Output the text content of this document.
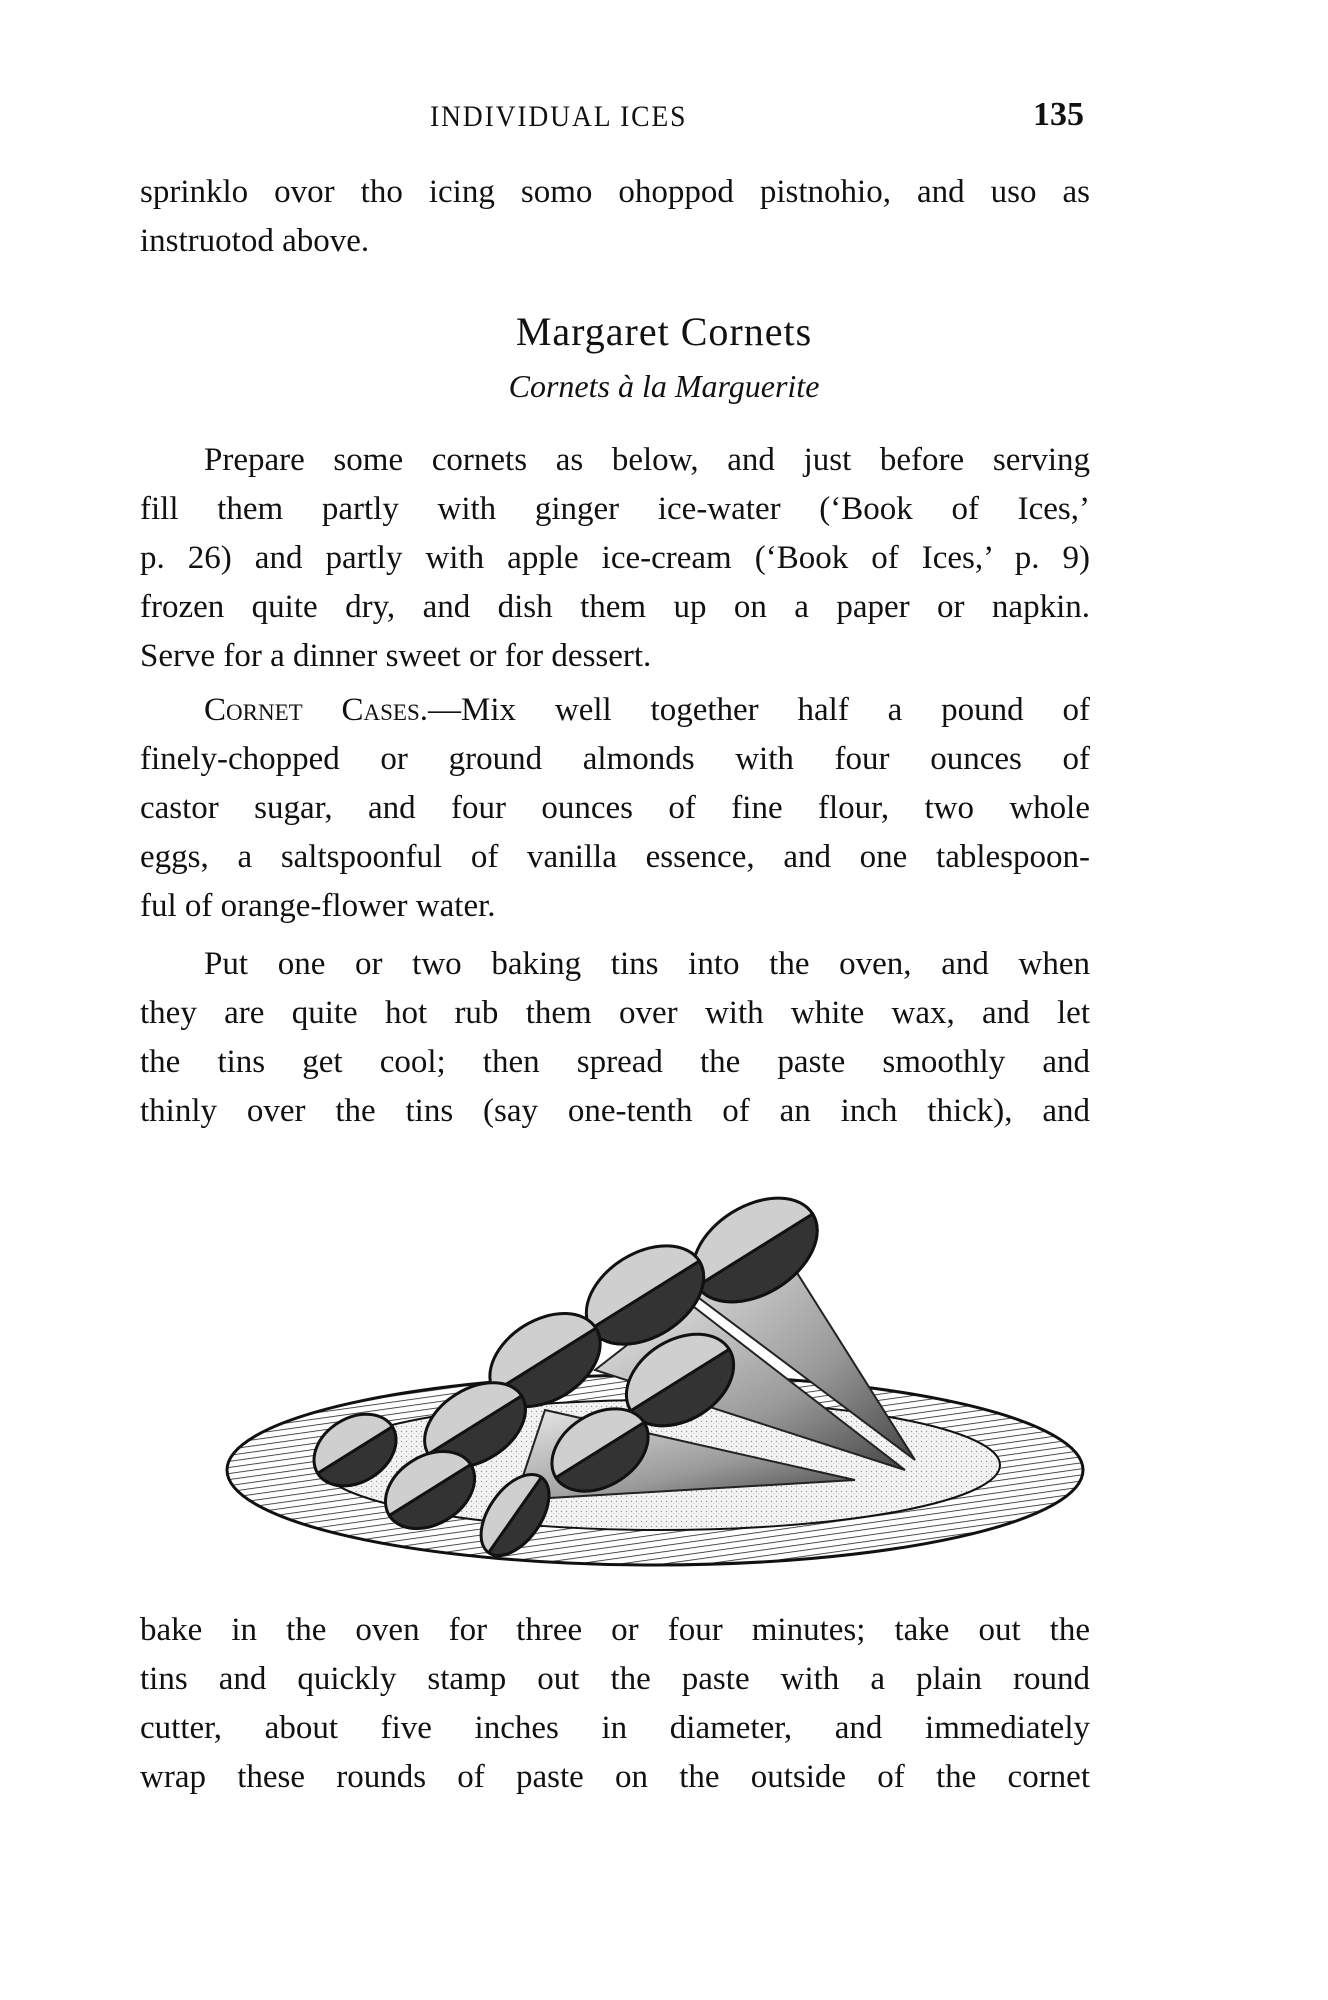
INDIVIDUAL ICES	135
sprinklo ovor tho icing somo ohoppod pistnohio, and uso as
instruotod above.
Margaret Cornets
Cornets à la Marguerite
Prepare some cornets as below, and just before serving
fill them partly with ginger ice-water (‘Book of Ices,’
p. 26) and partly with apple ice-cream (‘Book of Ices,’ p. 9)
frozen quite dry, and dish them up on a paper or napkin.
Serve for a dinner sweet or for dessert.
Cornet Cases.—Mix well together half a pound of
finely-chopped or ground almonds with four ounces of
castor sugar, and four ounces of fine flour, two whole
eggs, a saltspoonful of vanilla essence, and one tablespoon-
ful of orange-flower water.
Put one or two baking tins into the oven, and when
they are quite hot rub them over with white wax, and let
the tins get cool; then spread the paste smoothly and
thinly over the tins (say one-tenth of an inch thick), and
bake in the oven for three or four minutes; take out the
tins and quickly stamp out the paste with a plain round
cutter, about five inches in diameter, and immediately
wrap these rounds of paste on the outside of the cornet
